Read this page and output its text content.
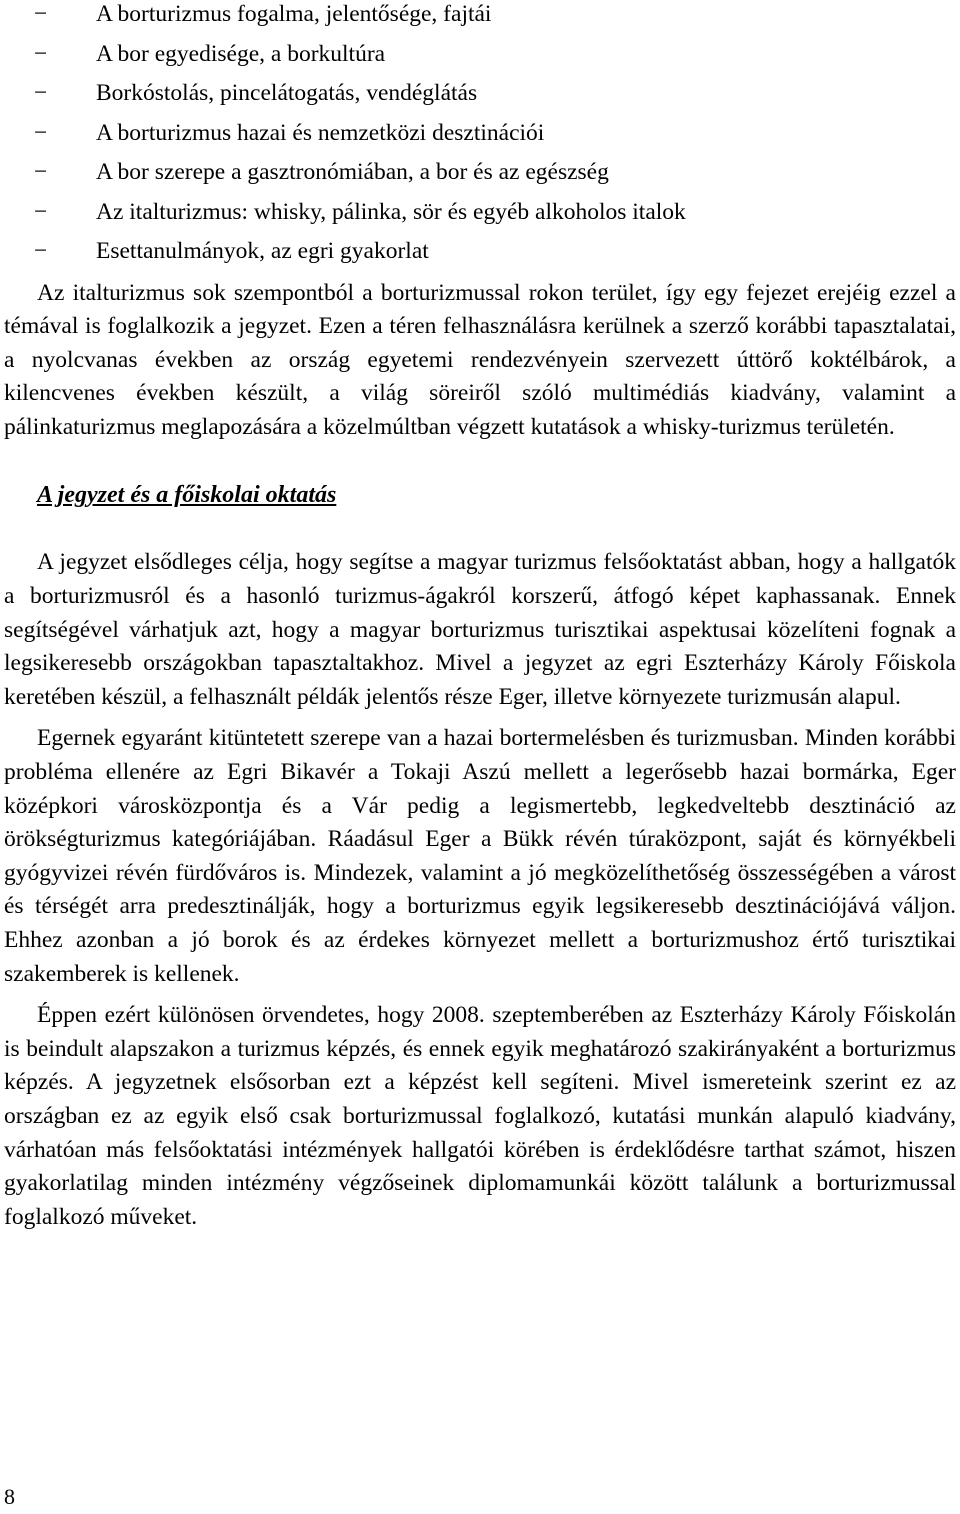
−	A borturizmus fogalma, jelentősége, fajtái
−	A bor egyedisége, a borkultúra
−	Borkóstolás, pincelátogatás, vendéglátás
−	A borturizmus hazai és nemzetközi desztinációi
−	A bor szerepe a gasztronómiában, a bor és az egészség
−	Az italturizmus: whisky, pálinka, sör és egyéb alkoholos italok
−	Esettanulmányok, az egri gyakorlat

Az italturizmus sok szempontból a borturizmussal rokon terület, így egy fejezet erejéig ezzel a témával is foglalkozik a jegyzet. Ezen a téren felhasználásra kerülnek a szerző korábbi tapasztalatai, a nyolcvanas években az ország egyetemi rendezvényein szervezett úttörő koktélbárok, a kilencvenes években készült, a világ söreiről szóló multimédiás kiadvány, valamint a pálinkaturizmus meglapozására a közelmúltban végzett kutatások a whisky-turizmus területén.

A jegyzet és a főiskolai oktatás

A jegyzet elsődleges célja, hogy segítse a magyar turizmus felsőoktatást abban, hogy a hallgatók a borturizmusról és a hasonló turizmus-ágakról korszerű, átfogó képet kaphassanak. Ennek segítségével várhatjuk azt, hogy a magyar borturizmus turisztikai aspektusai közelíteni fognak a legsikeresebb országokban tapasztaltakhoz. Mivel a jegyzet az egri Eszterházy Károly Főiskola keretében készül, a felhasznált példák jelentős része Eger, illetve környezete turizmusán alapul.

Egernek egyaránt kitüntetett szerepe van a hazai bortermelésben és turizmusban. Minden korábbi probléma ellenére az Egri Bikavér a Tokaji Aszú mellett a legerősebb hazai bormárka, Eger középkori városközpontja és a Vár pedig a legismertebb, legkedveltebb desztináció az örökségturizmus kategóriájában. Ráadásul Eger a Bükk révén túraközpont, saját és környékbeli gyógyvizei révén fürdőváros is. Mindezek, valamint a jó megközelíthetőség összességében a várost és térségét arra predesztinálják, hogy a borturizmus egyik legsikeresebb desztinációjává váljon. Ehhez azonban a jó borok és az érdekes környezet mellett a borturizmushoz értő turisztikai szakemberek is kellenek.

Éppen ezért különösen örvendetes, hogy 2008. szeptemberében az Eszterházy Károly Főiskolán is beindult alapszakon a turizmus képzés, és ennek egyik meghatározó szakirányaként a borturizmus képzés. A jegyzetnek elsősorban ezt a képzést kell segíteni. Mivel ismereteink szerint ez az országban ez az egyik első csak borturizmussal foglalkozó, kutatási munkán alapuló kiadvány, várhatóan más felsőoktatási intézmények hallgatói körében is érdeklődésre tarthat számot, hiszen gyakorlatilag minden intézmény végzőseinek diplomamunkái között találunk a borturizmussal foglalkozó műveket.

8
